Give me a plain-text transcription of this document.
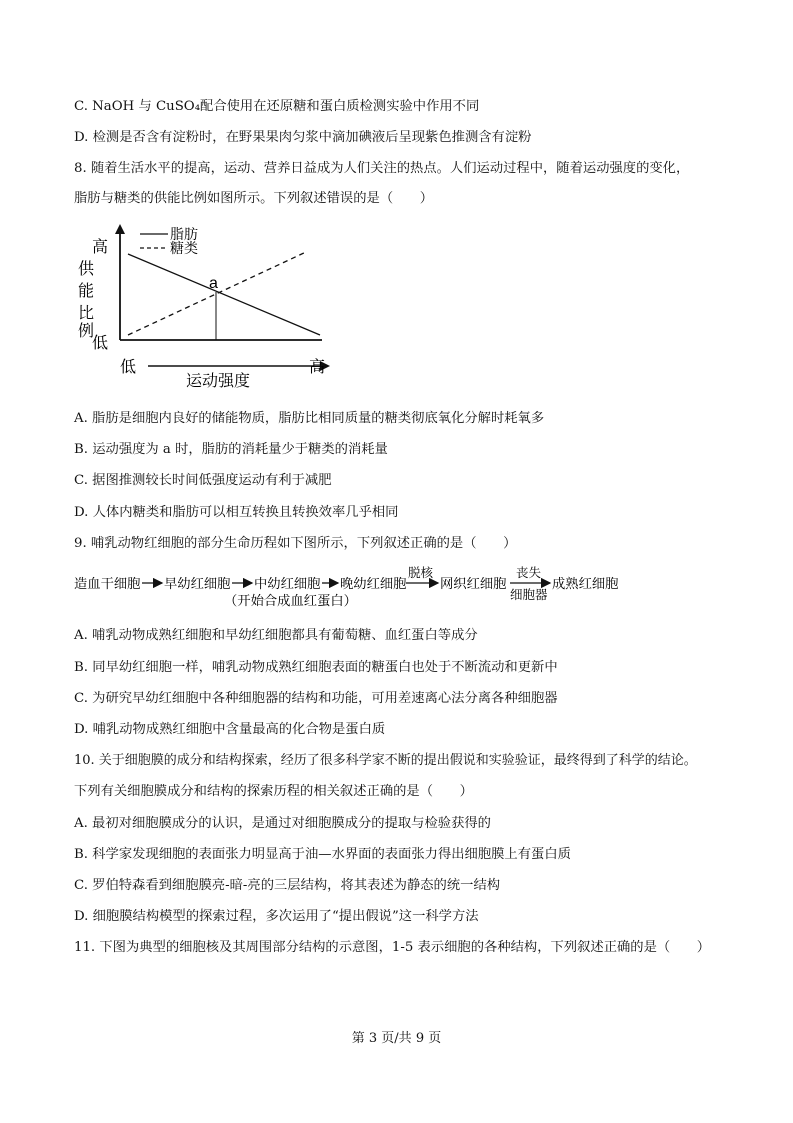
C. NaOH 与 CuSO₄配合使用在还原糖和蛋白质检测实验中作用不同
D. 检测是否含有淀粉时，在野果果肉匀浆中滴加碘液后呈现紫色推测含有淀粉
8. 随着生活水平的提高，运动、营养日益成为人们关注的热点。人们运动过程中，随着运动强度的变化，
脂肪与糖类的供能比例如图所示。下列叙述错误的是（　　）
a
脂肪
糖类
高
供
能
比
例
低
低	高
运动强度
A. 脂肪是细胞内良好的储能物质，脂肪比相同质量的糖类彻底氧化分解时耗氧多
B. 运动强度为 a 时，脂肪的消耗量少于糖类的消耗量
C. 据图推测较长时间低强度运动有利于减肥
D. 人体内糖类和脂肪可以相互转换且转换效率几乎相同
9. 哺乳动物红细胞的部分生命历程如下图所示，下列叙述正确的是（　　）
造血干细胞 早幼红细胞 中幼红细胞
（开始合成血红蛋白）
晚幼红细胞
脱核
网织红细胞
丧失
细胞器
成熟红细胞
A. 哺乳动物成熟红细胞和早幼红细胞都具有葡萄糖、血红蛋白等成分
B. 同早幼红细胞一样，哺乳动物成熟红细胞表面的糖蛋白也处于不断流动和更新中
C. 为研究早幼红细胞中各种细胞器的结构和功能，可用差速离心法分离各种细胞器
D. 哺乳动物成熟红细胞中含量最高的化合物是蛋白质
10. 关于细胞膜的成分和结构探索，经历了很多科学家不断的提出假说和实验验证，最终得到了科学的结论。
下列有关细胞膜成分和结构的探索历程的相关叙述正确的是（　　）
A. 最初对细胞膜成分的认识，是通过对细胞膜成分的提取与检验获得的
B. 科学家发现细胞的表面张力明显高于油—水界面的表面张力得出细胞膜上有蛋白质
C. 罗伯特森看到细胞膜亮-暗-亮的三层结构，将其表述为静态的统一结构
D. 细胞膜结构模型的探索过程，多次运用了“提出假说”这一科学方法
11. 下图为典型的细胞核及其周围部分结构的示意图，1-5 表示细胞的各种结构，下列叙述正确的是（　　）
第 3 页/共 9 页
